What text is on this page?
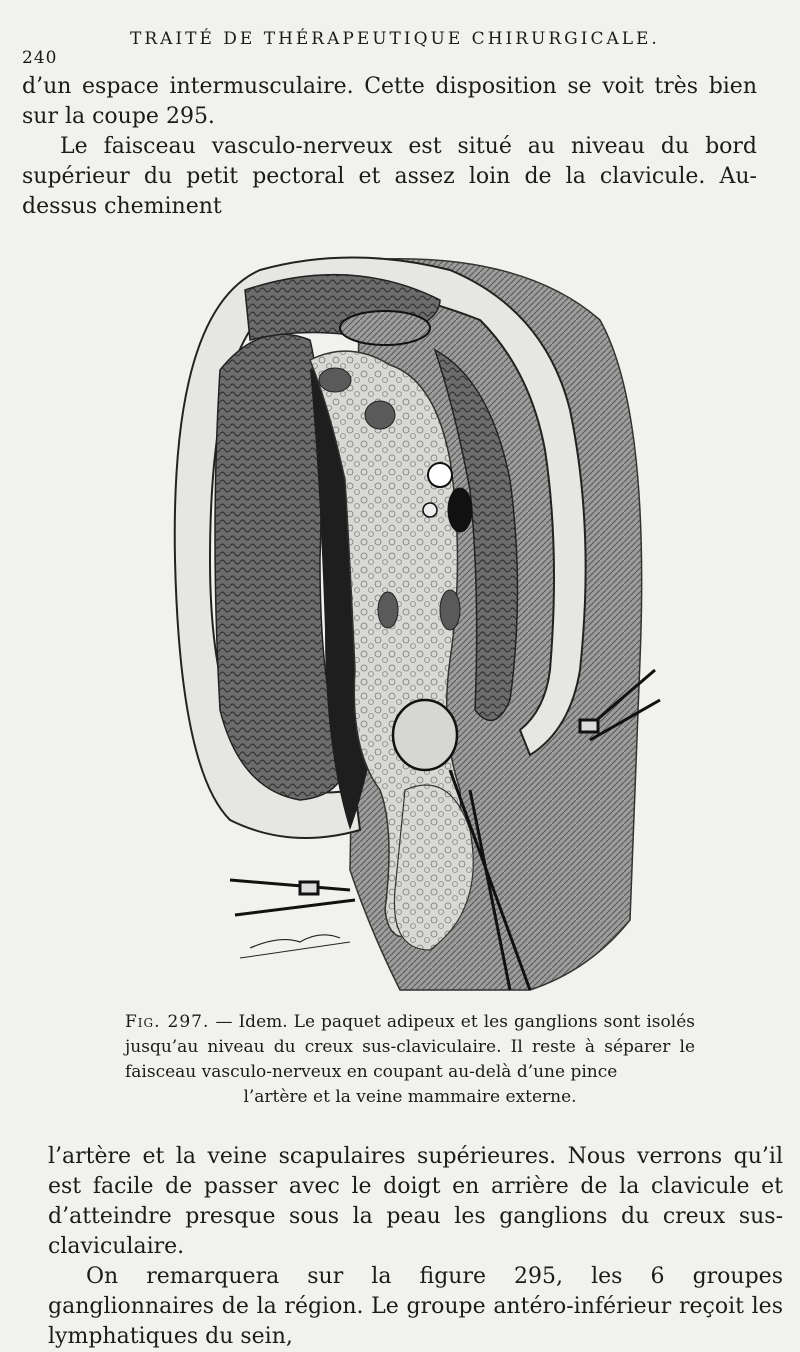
240
TRAITÉ DE THÉRAPEUTIQUE CHIRURGICALE.

d’un espace intermusculaire. Cette disposition se voit très bien sur la coupe 295.

Le faisceau vasculo-nerveux est situé au niveau du bord supérieur du petit pectoral et assez loin de la clavicule. Au-dessus cheminent

Fig. 297. — Idem. Le paquet adipeux et les ganglions sont isolés jusqu’au niveau du creux sus-claviculaire. Il reste à séparer le faisceau vasculo-nerveux en coupant au-delà d’une pince
l’artère et la veine mammaire externe.

l’artère et la veine scapulaires supérieures. Nous verrons qu’il est facile de passer avec le doigt en arrière de la clavicule et d’atteindre presque sous la peau les ganglions du creux sus-claviculaire.

On remarquera sur la figure 295, les 6 groupes ganglionnaires de la région. Le groupe antéro-inférieur reçoit les lymphatiques du sein,
